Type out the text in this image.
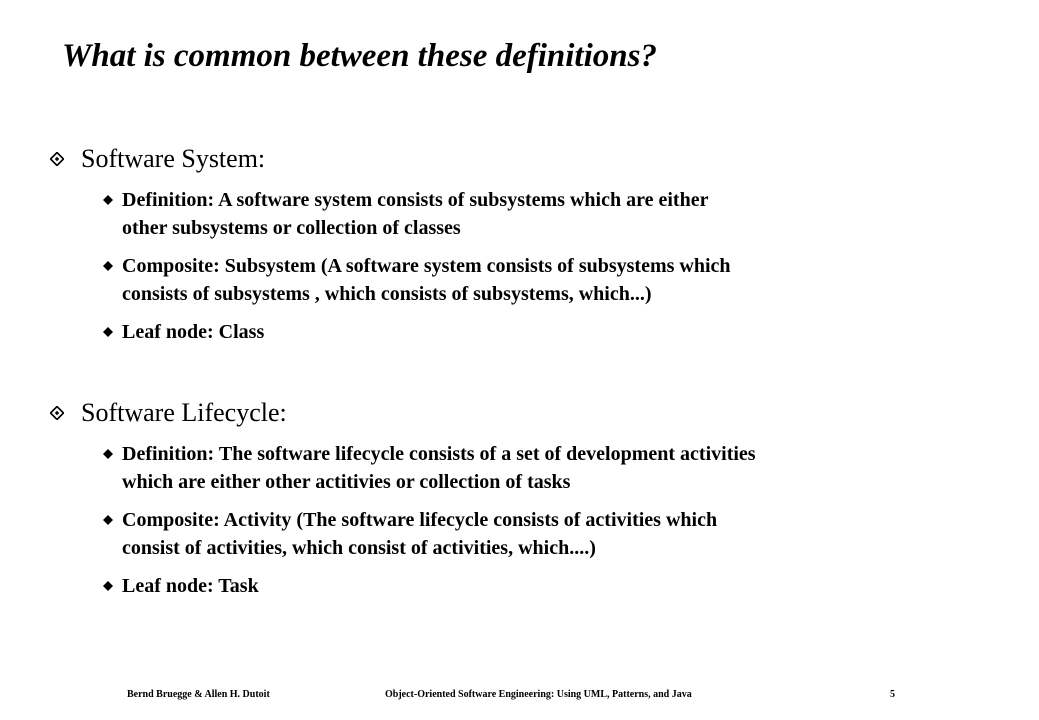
What is common between these definitions?
Software System:
Definition: A software system consists of subsystems which are either
other subsystems or collection of classes
Composite: Subsystem (A software system consists of subsystems which
consists of subsystems , which consists of subsystems, which...)
Leaf node: Class
Software Lifecycle:
Definition: The software lifecycle consists of a set of development activities
which are either other actitivies or collection of tasks
Composite: Activity (The software lifecycle consists of activities which
consist of activities, which consist of activities, which....)
Leaf node: Task
Bernd Bruegge & Allen H. Dutoit	Object-Oriented Software Engineering: Using UML, Patterns, and Java	5
